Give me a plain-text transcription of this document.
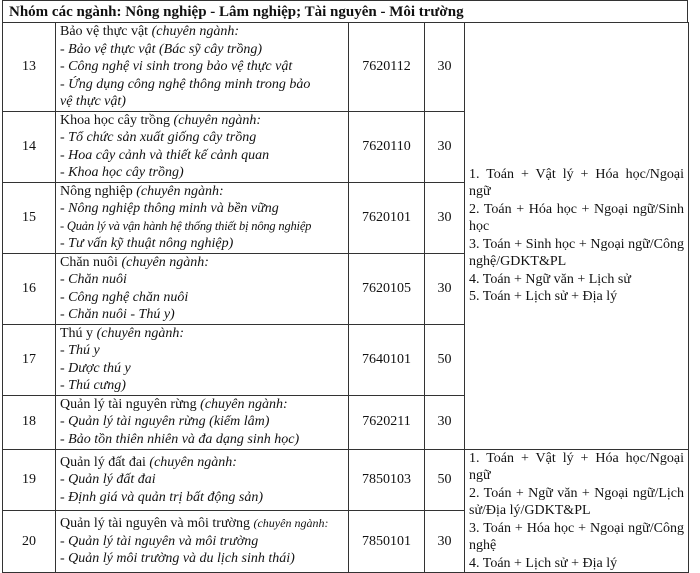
Nhóm các ngành: Nông nghiệp - Lâm nghiệp; Tài nguyên - Môi trường
13	Bảo vệ thực vật (chuyên ngành:
- Bảo vệ thực vật (Bác sỹ cây trồng)
- Công nghệ vi sinh trong bảo vệ thực vật
- Ứng dụng công nghệ thông minh trong bảo
vệ thực vật)	7620112	30	1. Toán + Vật lý + Hóa học/Ngoại ngữ
2. Toán + Hóa học + Ngoại ngữ/Sinh học
3. Toán + Sinh học + Ngoại ngữ/Công nghệ/GDKT&PL
4. Toán + Ngữ văn + Lịch sử
5. Toán + Lịch sử + Địa lý

14	Khoa học cây trồng (chuyên ngành:
- Tổ chức sản xuất giống cây trồng
- Hoa cây cảnh và thiết kế cảnh quan
- Khoa học cây trồng)	7620110	30	
15	Nông nghiệp (chuyên ngành:
- Nông nghiệp thông minh và bền vững
- Quản lý và vận hành hệ thống thiết bị nông nghiệp
- Tư vấn kỹ thuật nông nghiệp)	7620101	30	
16	Chăn nuôi (chuyên ngành:
- Chăn nuôi
- Công nghệ chăn nuôi
- Chăn nuôi - Thú y)	7620105	30	
17	Thú y (chuyên ngành:
- Thú y
- Dược thú y
- Thú cưng)	7640101	50	
18	Quản lý tài nguyên rừng (chuyên ngành:
- Quản lý tài nguyên rừng (kiểm lâm)
- Bảo tồn thiên nhiên và đa dạng sinh học)	7620211	30	
19	Quản lý đất đai (chuyên ngành:
- Quản lý đất đai
- Định giá và quản trị bất động sản)	7850103	50	1. Toán + Vật lý + Hóa học/Ngoại ngữ
2. Toán + Ngữ văn + Ngoại ngữ/Lịch sử/Địa lý/GDKT&PL
3. Toán + Hóa học + Ngoại ngữ/Công nghệ
4. Toán + Lịch sử + Địa lý

20	Quản lý tài nguyên và môi trường (chuyên ngành:
- Quản lý tài nguyên và môi trường
- Quản lý môi trường và du lịch sinh thái)	7850101	30	
